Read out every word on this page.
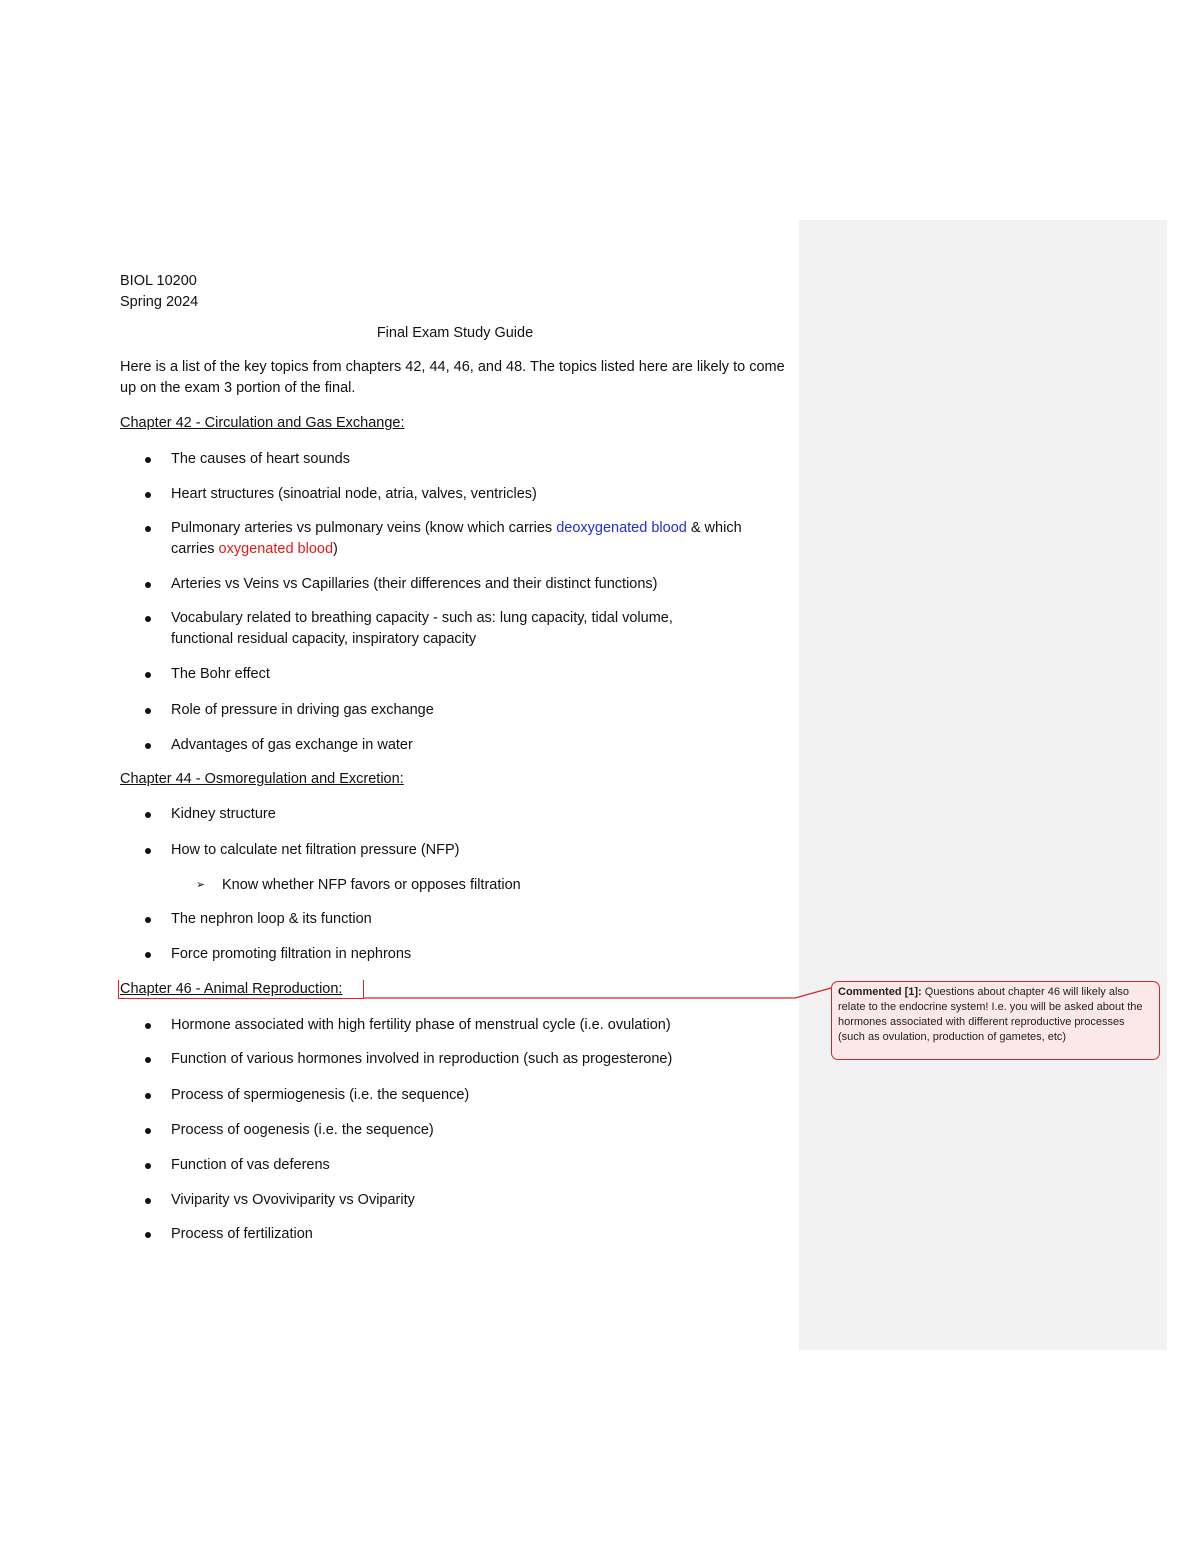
BIOL 10200
Spring 2024
Final Exam Study Guide
Here is a list of the key topics from chapters 42, 44, 46, and 48. The topics listed here are likely to come up on the exam 3 portion of the final.
Chapter 42 - Circulation and Gas Exchange:
The causes of heart sounds
Heart structures (sinoatrial node, atria, valves, ventricles)
Pulmonary arteries vs pulmonary veins (know which carries deoxygenated blood & which carries oxygenated blood)
Arteries vs Veins vs Capillaries (their differences and their distinct functions)
Vocabulary related to breathing capacity - such as: lung capacity, tidal volume, functional residual capacity, inspiratory capacity
The Bohr effect
Role of pressure in driving gas exchange
Advantages of gas exchange in water
Chapter 44 - Osmoregulation and Excretion:
Kidney structure
How to calculate net filtration pressure (NFP)
➢ Know whether NFP favors or opposes filtration
The nephron loop & its function
Force promoting filtration in nephrons
Chapter 46 - Animal Reproduction:
Hormone associated with high fertility phase of menstrual cycle (i.e. ovulation)
Function of various hormones involved in reproduction (such as progesterone)
Process of spermiogenesis (i.e. the sequence)
Process of oogenesis (i.e. the sequence)
Function of vas deferens
Viviparity vs Ovoviviparity vs Oviparity
Process of fertilization
Commented [1]: Questions about chapter 46 will likely also relate to the endocrine system! I.e. you will be asked about the hormones associated with different reproductive processes (such as ovulation, production of gametes, etc)
